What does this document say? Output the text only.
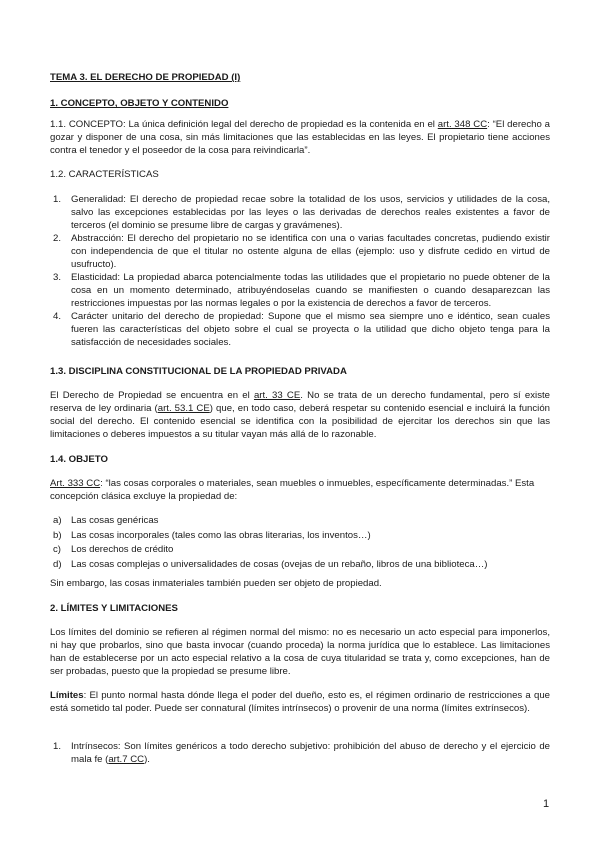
TEMA 3. EL DERECHO DE PROPIEDAD (I)

1. CONCEPTO, OBJETO Y CONTENIDO

1.1. CONCEPTO: La única definición legal del derecho de propiedad es la contenida en el art. 348 CC: “El derecho a gozar y disponer de una cosa, sin más limitaciones que las establecidas en las leyes. El propietario tiene acciones contra el tenedor y el poseedor de la cosa para reivindicarla”.

1.2. CARACTERÍSTICAS

1. Generalidad: El derecho de propiedad recae sobre la totalidad de los usos, servicios y utilidades de la cosa, salvo las excepciones establecidas por las leyes o las derivadas de derechos reales existentes a favor de terceros (el dominio se presume libre de cargas y gravámenes).
2. Abstracción: El derecho del propietario no se identifica con una o varias facultades concretas, pudiendo existir con independencia de que el titular no ostente alguna de ellas (ejemplo: uso y disfrute cedido en virtud de usufructo).
3. Elasticidad: La propiedad abarca potencialmente todas las utilidades que el propietario no puede obtener de la cosa en un momento determinado, atribuyéndoselas cuando se manifiesten o cuando desaparezcan las restricciones impuestas por las normas legales o por la existencia de derechos a favor de terceros.
4. Carácter unitario del derecho de propiedad: Supone que el mismo sea siempre uno e idéntico, sean cuales fueren las características del objeto sobre el cual se proyecta o la utilidad que dicho objeto tenga para la satisfacción de necesidades sociales.

1.3. DISCIPLINA CONSTITUCIONAL DE LA PROPIEDAD PRIVADA

El Derecho de Propiedad se encuentra en el art. 33 CE. No se trata de un derecho fundamental, pero sí existe reserva de ley ordinaria (art. 53.1 CE) que, en todo caso, deberá respetar su contenido esencial e incluirá la función social del derecho. El contenido esencial se identifica con la posibilidad de ejercitar los derechos sin que las limitaciones o deberes impuestos a su titular vayan más allá de lo razonable.

1.4. OBJETO

Art. 333 CC: “las cosas corporales o materiales, sean muebles o inmuebles, específicamente determinadas.” Esta concepción clásica excluye la propiedad de:

a) Las cosas genéricas
b) Las cosas incorporales (tales como las obras literarias, los inventos…)
c) Los derechos de crédito
d) Las cosas complejas o universalidades de cosas (ovejas de un rebaño, libros de una biblioteca…)

Sin embargo, las cosas inmateriales también pueden ser objeto de propiedad.

2. LÍMITES Y LIMITACIONES

Los límites del dominio se refieren al régimen normal del mismo: no es necesario un acto especial para imponerlos, ni hay que probarlos, sino que basta invocar (cuando proceda) la norma jurídica que lo establece. Las limitaciones han de establecerse por un acto especial relativo a la cosa de cuya titularidad se trata y, como excepciones, han de ser probadas, puesto que la propiedad se presume libre.

Límites: El punto normal hasta dónde llega el poder del dueño, esto es, el régimen ordinario de restricciones a que está sometido tal poder. Puede ser connatural (límites intrínsecos) o provenir de una norma (límites extrínsecos).

1. Intrínsecos: Son límites genéricos a todo derecho subjetivo: prohibición del abuso de derecho y el ejercicio de mala fe (art.7 CC).
1
